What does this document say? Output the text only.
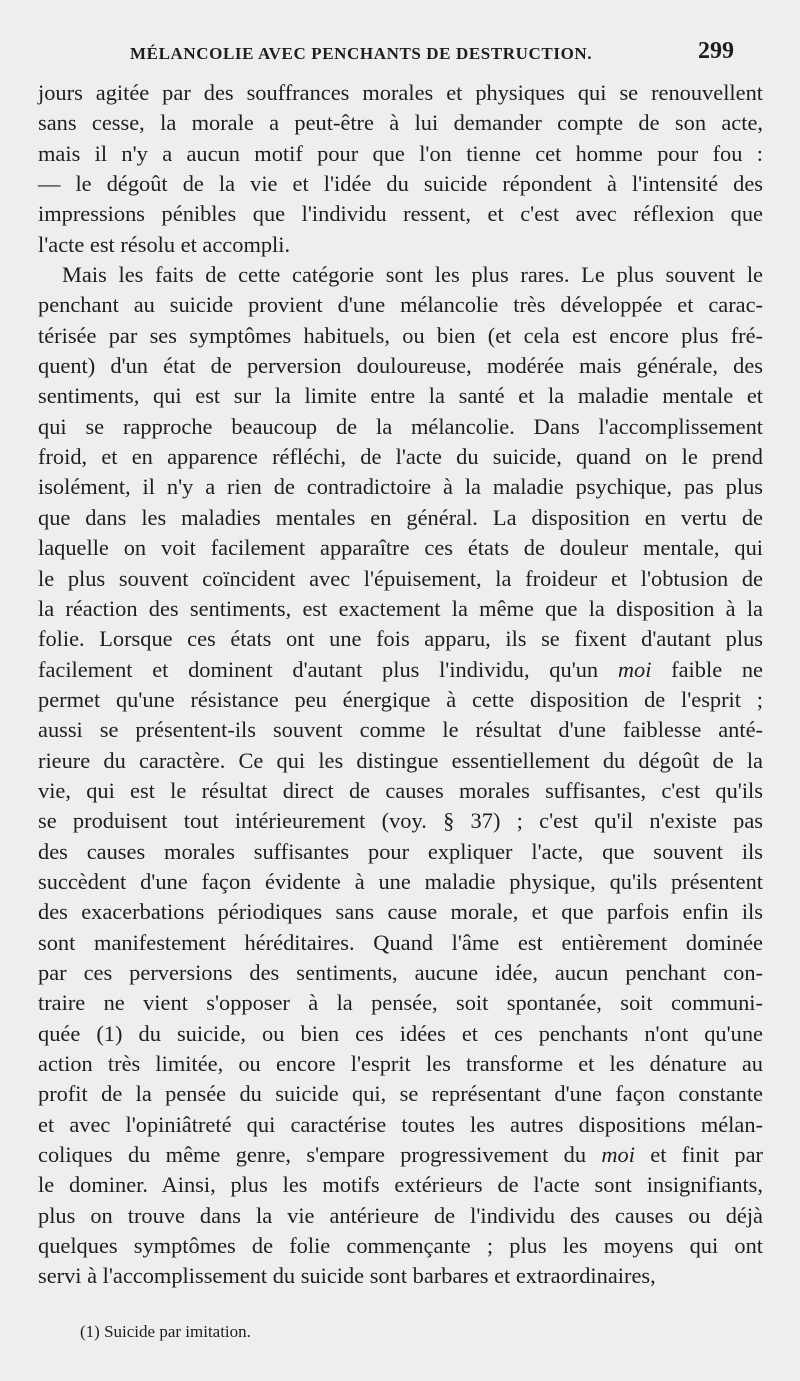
MÉLANCOLIE AVEC PENCHANTS DE DESTRUCTION.	299
jours agitée par des souffrances morales et physiques qui se renouvellent
sans cesse, la morale a peut-être à lui demander compte de son acte,
mais il n'y a aucun motif pour que l'on tienne cet homme pour fou :
— le dégoût de la vie et l'idée du suicide répondent à l'intensité des
impressions pénibles que l'individu ressent, et c'est avec réflexion que
l'acte est résolu et accompli.
Mais les faits de cette catégorie sont les plus rares. Le plus souvent le
penchant au suicide provient d'une mélancolie très développée et carac-
térisée par ses symptômes habituels, ou bien (et cela est encore plus fré-
quent) d'un état de perversion douloureuse, modérée mais générale, des
sentiments, qui est sur la limite entre la santé et la maladie mentale et
qui se rapproche beaucoup de la mélancolie. Dans l'accomplissement
froid, et en apparence réfléchi, de l'acte du suicide, quand on le prend
isolément, il n'y a rien de contradictoire à la maladie psychique, pas plus
que dans les maladies mentales en général. La disposition en vertu de
laquelle on voit facilement apparaître ces états de douleur mentale, qui
le plus souvent coïncident avec l'épuisement, la froideur et l'obtusion de
la réaction des sentiments, est exactement la même que la disposition à la
folie. Lorsque ces états ont une fois apparu, ils se fixent d'autant plus
facilement et dominent d'autant plus l'individu, qu'un moi faible ne
permet qu'une résistance peu énergique à cette disposition de l'esprit ;
aussi se présentent-ils souvent comme le résultat d'une faiblesse anté-
rieure du caractère. Ce qui les distingue essentiellement du dégoût de la
vie, qui est le résultat direct de causes morales suffisantes, c'est qu'ils
se produisent tout intérieurement (voy. § 37) ; c'est qu'il n'existe pas
des causes morales suffisantes pour expliquer l'acte, que souvent ils
succèdent d'une façon évidente à une maladie physique, qu'ils présentent
des exacerbations périodiques sans cause morale, et que parfois enfin ils
sont manifestement héréditaires. Quand l'âme est entièrement dominée
par ces perversions des sentiments, aucune idée, aucun penchant con-
traire ne vient s'opposer à la pensée, soit spontanée, soit communi-
quée (1) du suicide, ou bien ces idées et ces penchants n'ont qu'une
action très limitée, ou encore l'esprit les transforme et les dénature au
profit de la pensée du suicide qui, se représentant d'une façon constante
et avec l'opiniâtreté qui caractérise toutes les autres dispositions mélan-
coliques du même genre, s'empare progressivement du moi et finit par
le dominer. Ainsi, plus les motifs extérieurs de l'acte sont insignifiants,
plus on trouve dans la vie antérieure de l'individu des causes ou déjà
quelques symptômes de folie commençante ; plus les moyens qui ont
servi à l'accomplissement du suicide sont barbares et extraordinaires,
(1) Suicide par imitation.
